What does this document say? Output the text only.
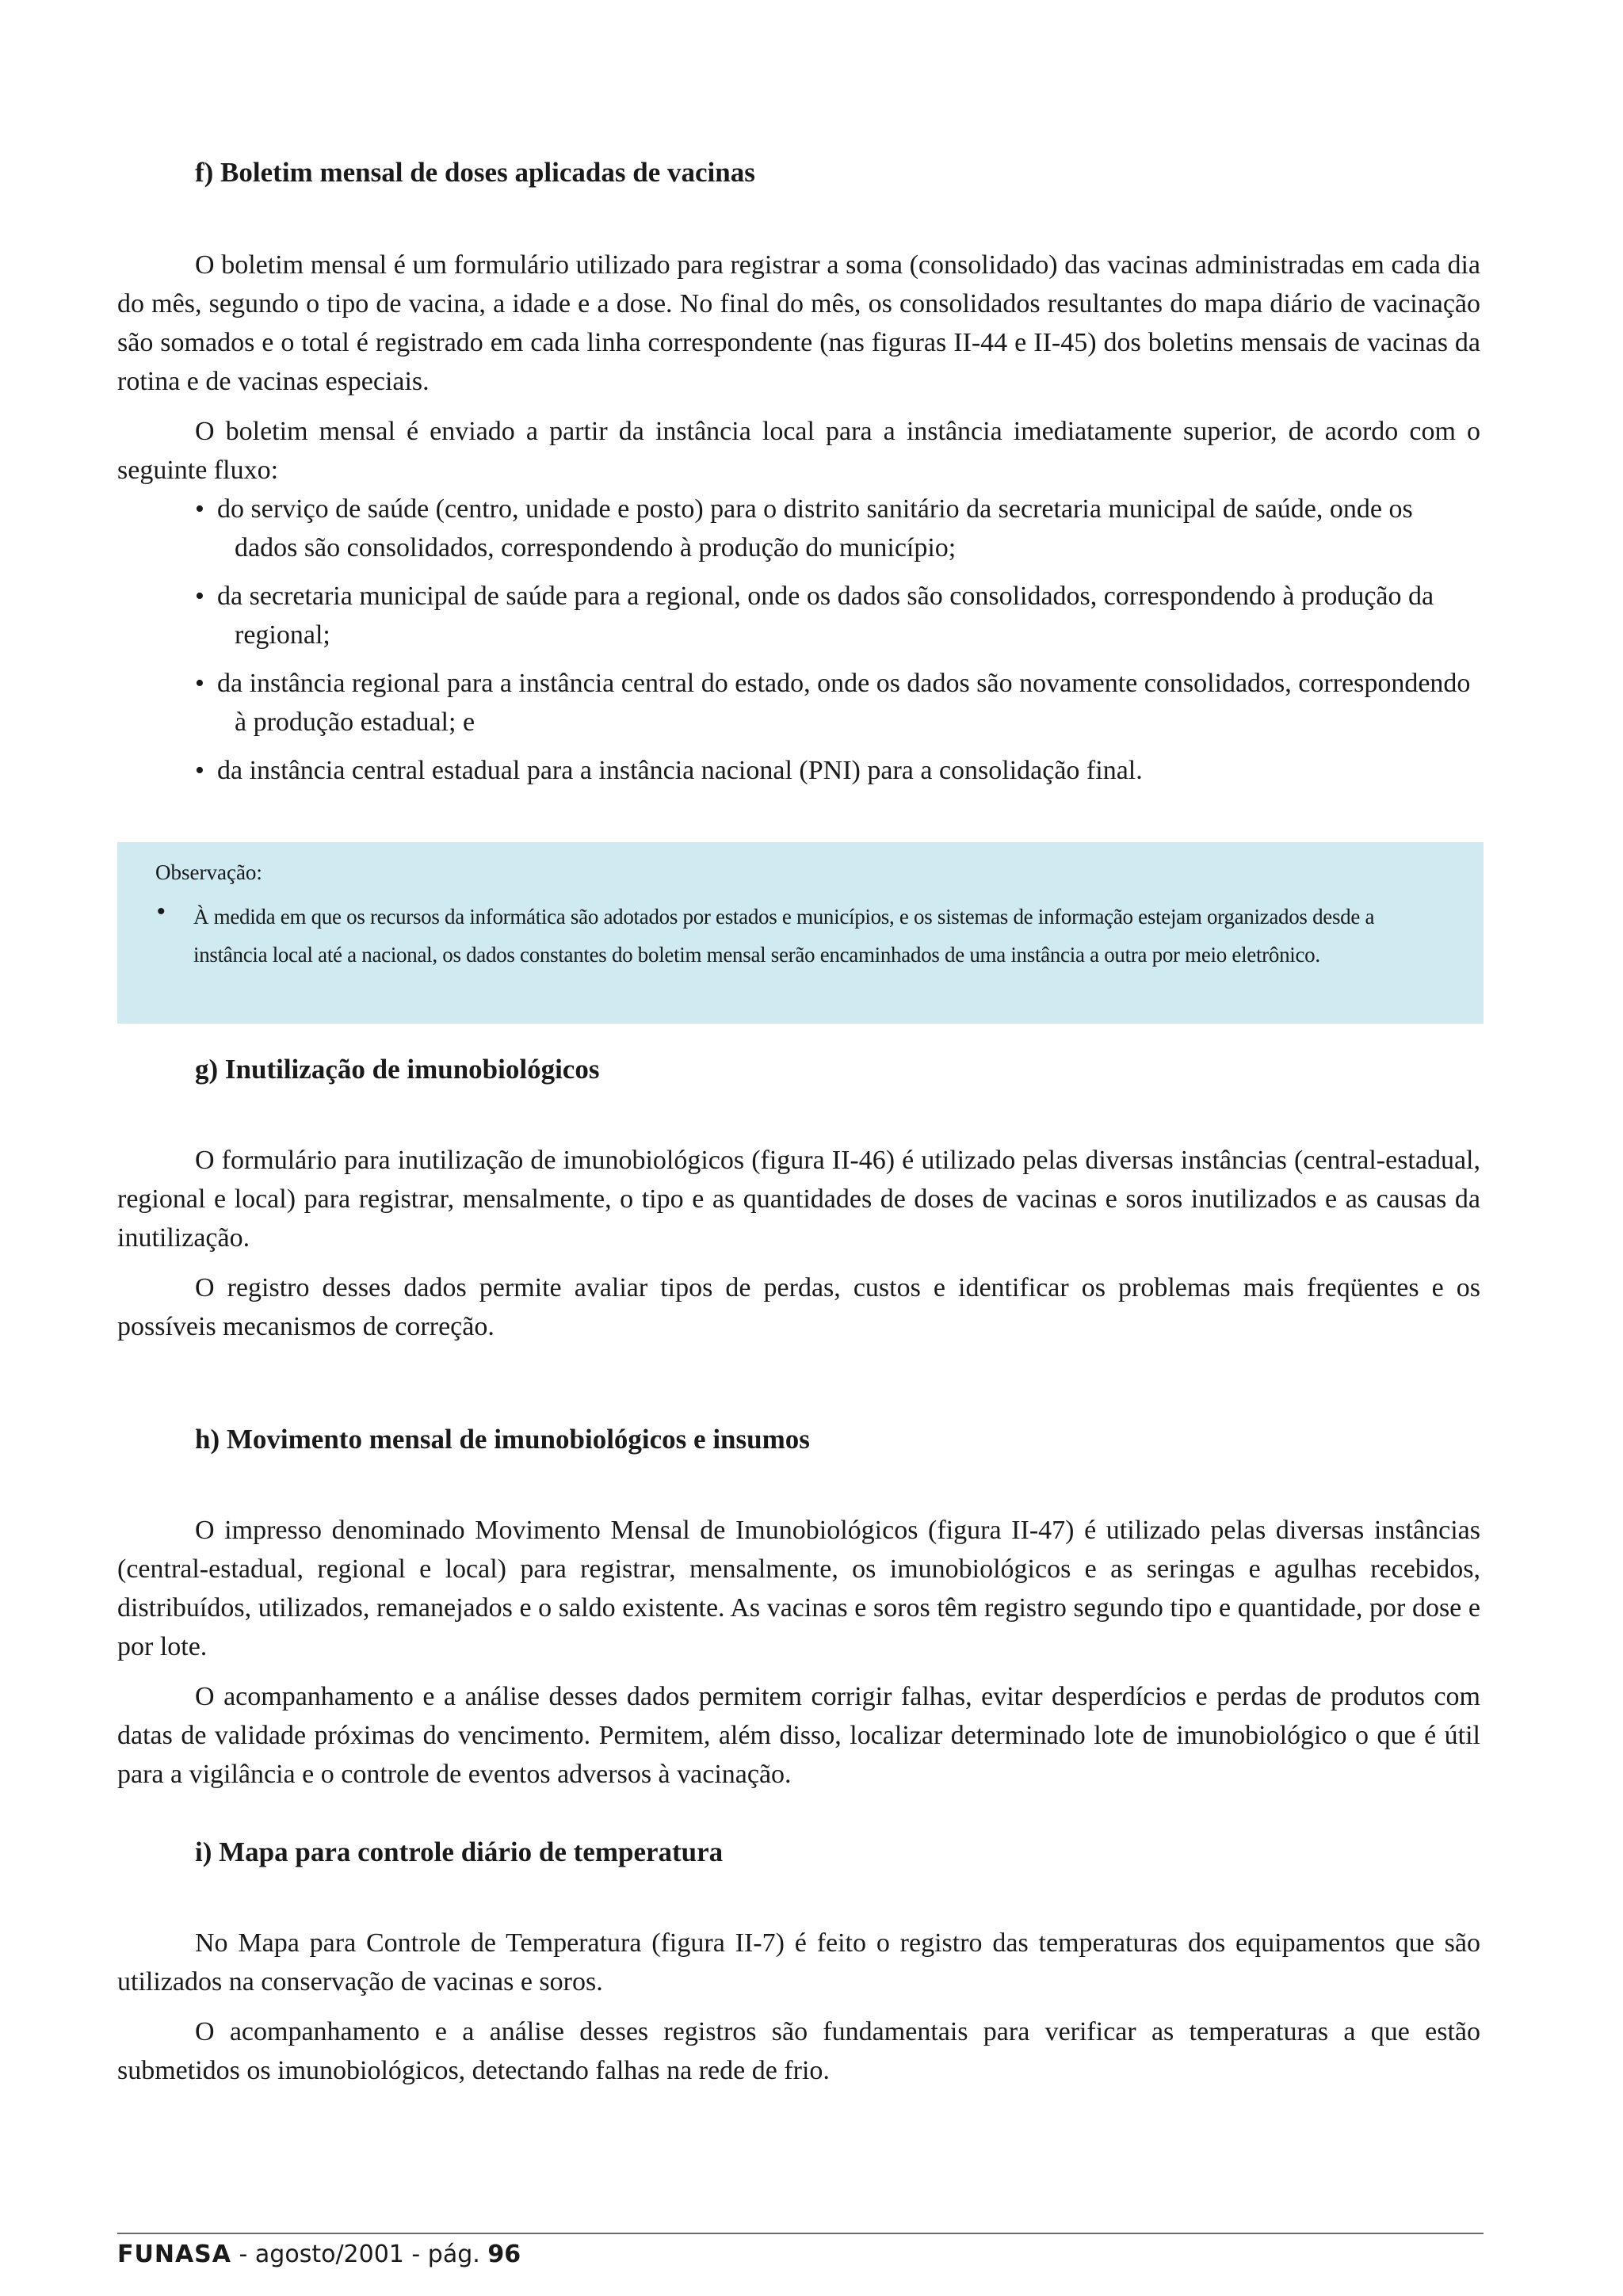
f) Boletim mensal de doses aplicadas de vacinas

O boletim mensal é um formulário utilizado para registrar a soma (consolidado) das vacinas administradas em cada dia do mês, segundo o tipo de vacina, a idade e a dose. No final do mês, os consolidados resultantes do mapa diário de vacinação são somados e o total é registrado em cada linha correspondente (nas figuras II-44 e II-45) dos boletins mensais de vacinas da rotina e de vacinas especiais.

O boletim mensal é enviado a partir da instância local para a instância imediatamente superior, de acordo com o seguinte fluxo:

• do serviço de saúde (centro, unidade e posto) para o distrito sanitário da secretaria municipal de saúde, onde os dados são consolidados, correspondendo à produção do município;
• da secretaria municipal de saúde para a regional, onde os dados são consolidados, correspondendo à produção da regional;
• da instância regional para a instância central do estado, onde os dados são novamente consolidados, correspondendo à produção estadual; e
• da instância central estadual para a instância nacional (PNI) para a consolidação final.
Observação:
• À medida em que os recursos da informática são adotados por estados e municípios, e os sistemas de informação estejam organizados desde a instância local até a nacional, os dados constantes do boletim mensal serão encaminhados de uma instância a outra por meio eletrônico.
g) Inutilização de imunobiológicos

O formulário para inutilização de imunobiológicos (figura II-46) é utilizado pelas diversas instâncias (central-estadual, regional e local) para registrar, mensalmente, o tipo e as quantidades de doses de vacinas e soros inutilizados e as causas da inutilização.

O registro desses dados permite avaliar tipos de perdas, custos e identificar os problemas mais freqüentes e os possíveis mecanismos de correção.

h) Movimento mensal de imunobiológicos e insumos

O impresso denominado Movimento Mensal de Imunobiológicos (figura II-47) é utilizado pelas diversas instâncias (central-estadual, regional e local) para registrar, mensalmente, os imunobiológicos e as seringas e agulhas recebidos, distribuídos, utilizados, remanejados e o saldo existente. As vacinas e soros têm registro segundo tipo e quantidade, por dose e por lote.

O acompanhamento e a análise desses dados permitem corrigir falhas, evitar desperdícios e perdas de produtos com datas de validade próximas do vencimento. Permitem, além disso, localizar determinado lote de imunobiológico o que é útil para a vigilância e o controle de eventos adversos à vacinação.

i) Mapa para controle diário de temperatura

No Mapa para Controle de Temperatura (figura II-7) é feito o registro das temperaturas dos equipamentos que são utilizados na conservação de vacinas e soros.

O acompanhamento e a análise desses registros são fundamentais para verificar as temperaturas a que estão submetidos os imunobiológicos, detectando falhas na rede de frio.

FUNASA - agosto/2001 - pág. 96
